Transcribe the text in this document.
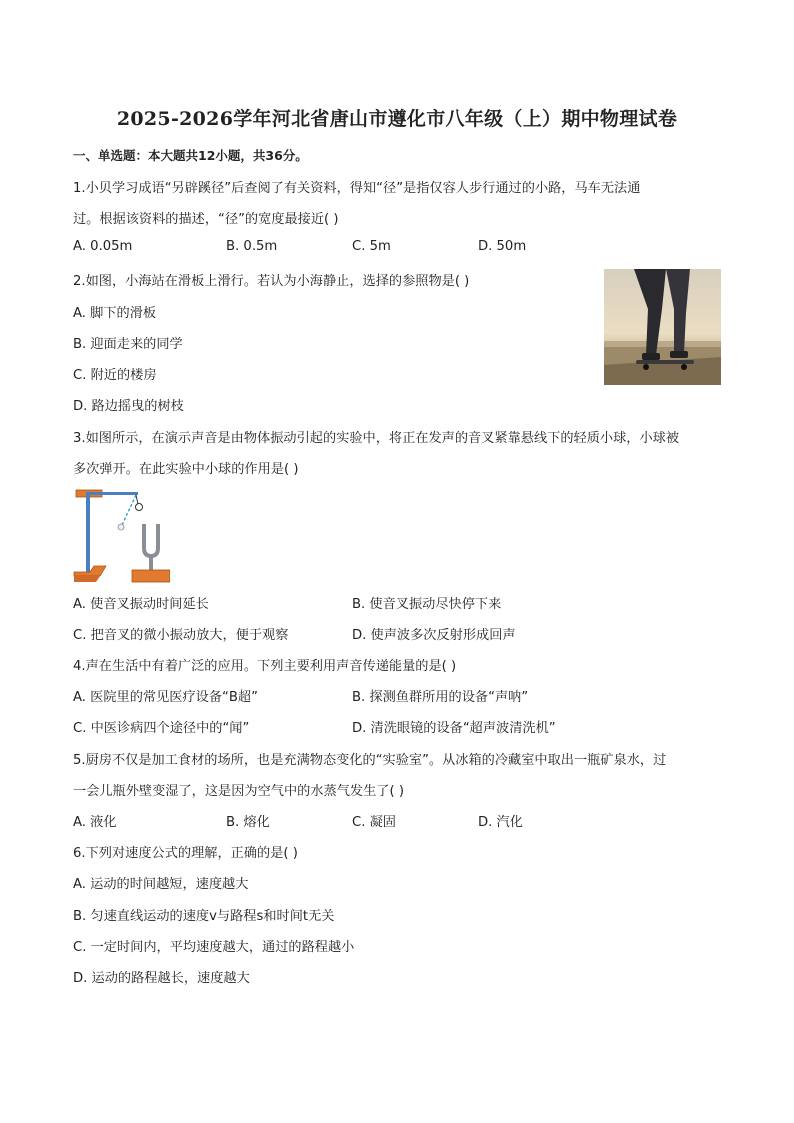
2025-2026学年河北省唐山市遵化市八年级（上）期中物理试卷
一、单选题：本大题共12小题，共36分。
1.小贝学习成语“另辟蹊径”后查阅了有关资料，得知“径”是指仅容人步行通过的小路，马车无法通
过。根据该资料的描述，“径”的宽度最接近( )
A. 0.05m	B. 0.5m	C. 5m	D. 50m
2.如图，小海站在滑板上滑行。若认为小海静止，选择的参照物是( )
A. 脚下的滑板
B. 迎面走来的同学
C. 附近的楼房
D. 路边摇曳的树枝
3.如图所示，在演示声音是由物体振动引起的实验中，将正在发声的音叉紧靠悬线下的轻质小球，小球被
多次弹开。在此实验中小球的作用是( )
A. 使音叉振动时间延长	B. 使音叉振动尽快停下来
C. 把音叉的微小振动放大，便于观察	D. 使声波多次反射形成回声
4.声在生活中有着广泛的应用。下列主要利用声音传递能量的是( )
A. 医院里的常见医疗设备“B超”	B. 探测鱼群所用的设备“声呐”
C. 中医诊病四个途径中的“闻”	D. 清洗眼镜的设备“超声波清洗机”
5.厨房不仅是加工食材的场所，也是充满物态变化的“实验室”。从冰箱的冷藏室中取出一瓶矿泉水，过
一会儿瓶外壁变湿了，这是因为空气中的水蒸气发生了( )
A. 液化	B. 熔化	C. 凝固	D. 汽化
6.下列对速度公式的理解，正确的是( )
A. 运动的时间越短，速度越大
B. 匀速直线运动的速度v与路程s和时间t无关
C. 一定时间内，平均速度越大，通过的路程越小
D. 运动的路程越长，速度越大
